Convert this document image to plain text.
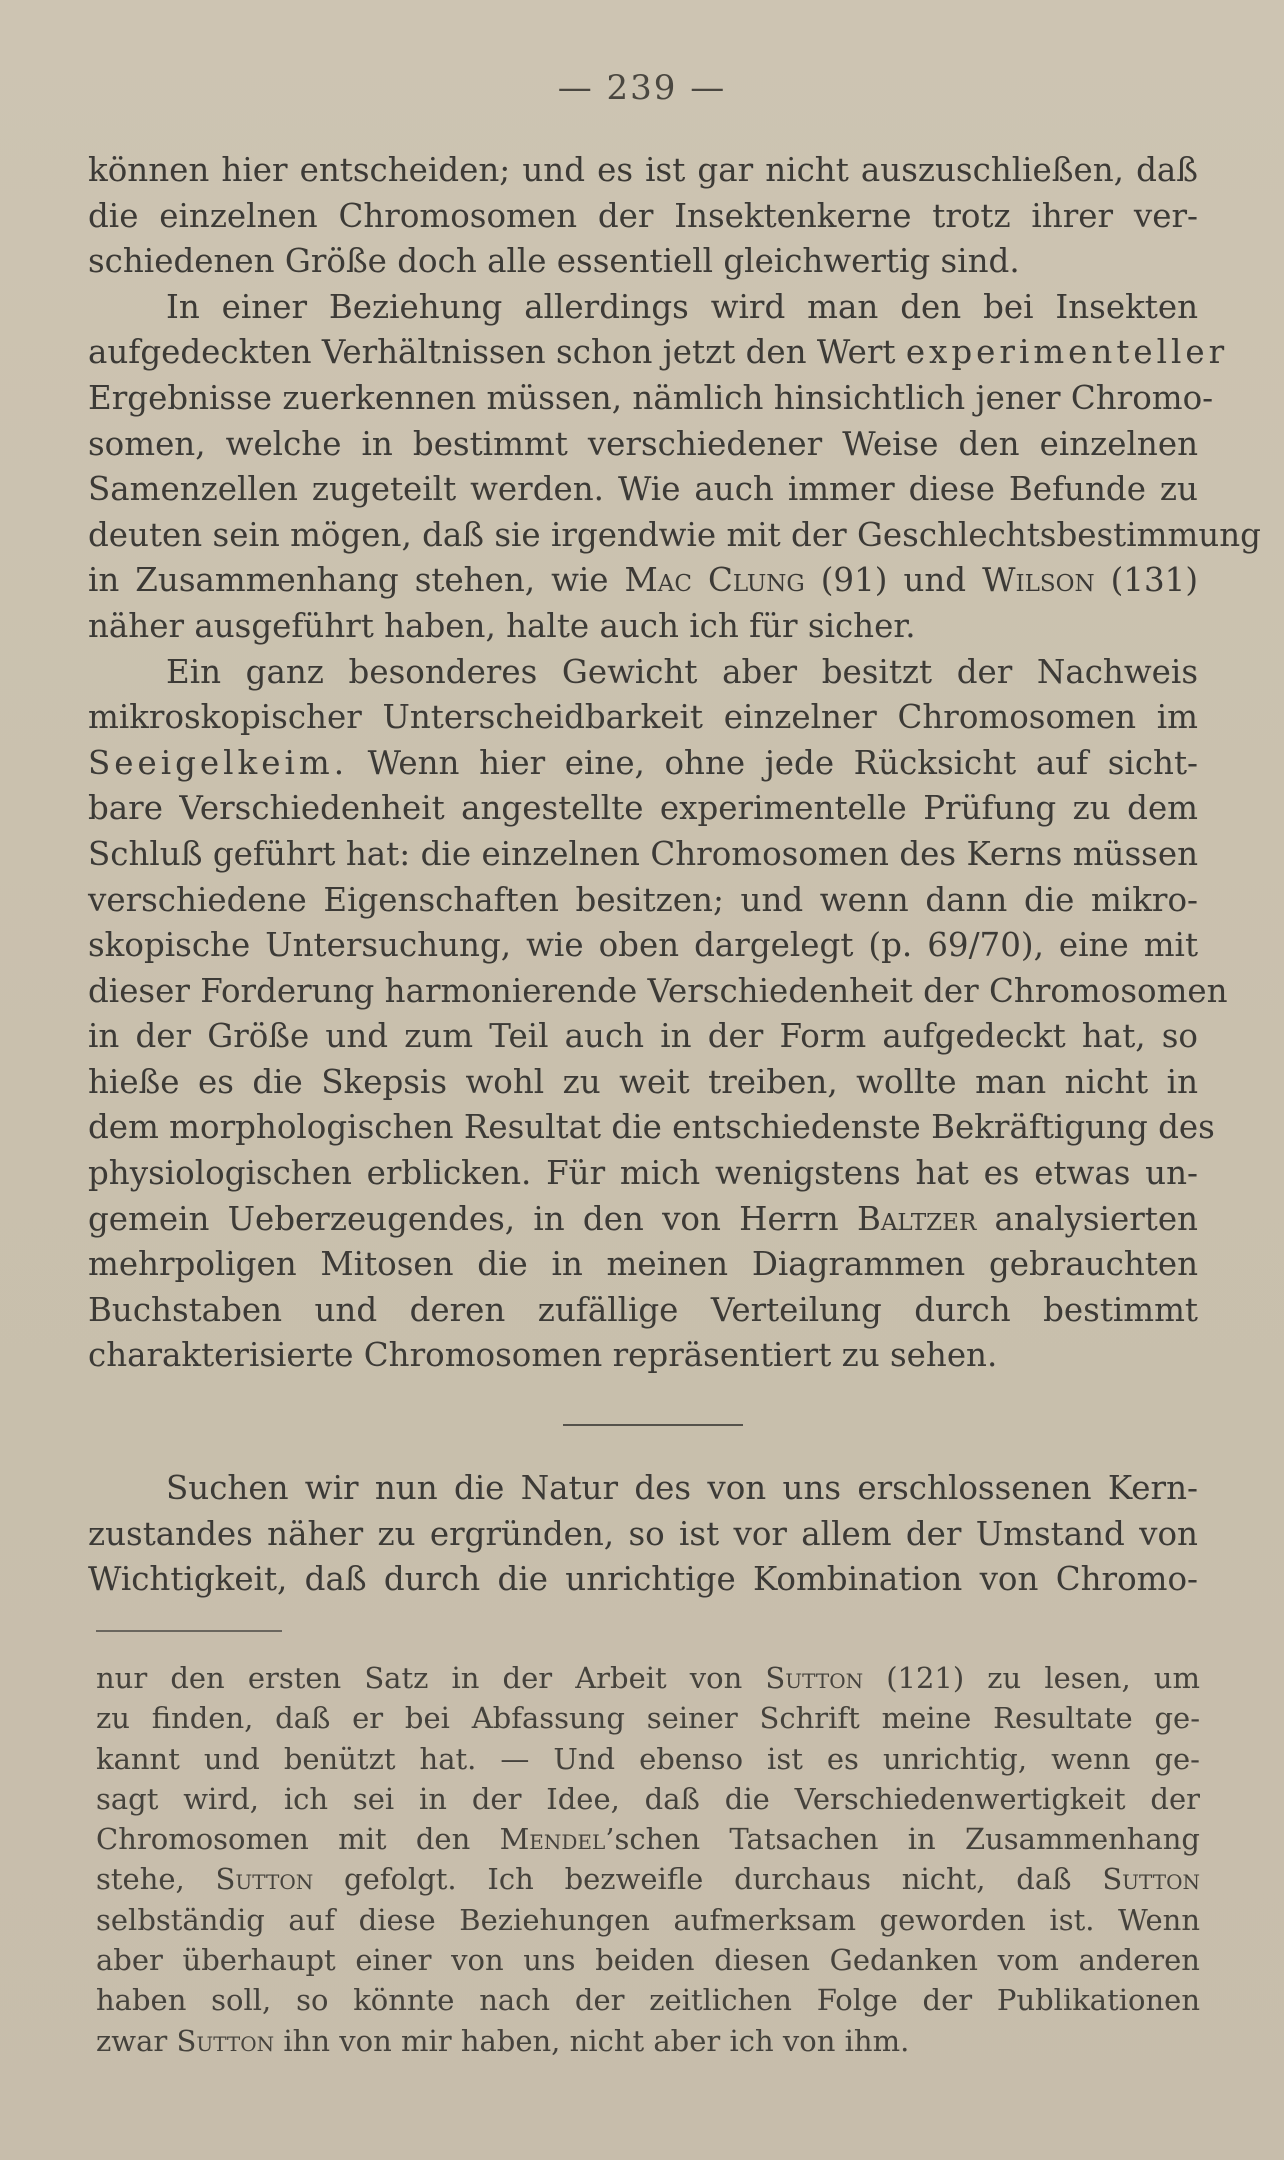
— 239 —
können hier entscheiden; und es ist gar nicht auszuschließen, daß
die einzelnen Chromosomen der Insektenkerne trotz ihrer ver-
schiedenen Größe doch alle essentiell gleichwertig sind.
In einer Beziehung allerdings wird man den bei Insekten
aufgedeckten Verhältnissen schon jetzt den Wert experimenteller
Ergebnisse zuerkennen müssen, nämlich hinsichtlich jener Chromo-
somen, welche in bestimmt verschiedener Weise den einzelnen
Samenzellen zugeteilt werden. Wie auch immer diese Befunde zu
deuten sein mögen, daß sie irgendwie mit der Geschlechtsbestimmung
in Zusammenhang stehen, wie Mac Clung (91) und Wilson (131)
näher ausgeführt haben, halte auch ich für sicher.
Ein ganz besonderes Gewicht aber besitzt der Nachweis
mikroskopischer Unterscheidbarkeit einzelner Chromosomen im
Seeigelkeim. Wenn hier eine, ohne jede Rücksicht auf sicht-
bare Verschiedenheit angestellte experimentelle Prüfung zu dem
Schluß geführt hat: die einzelnen Chromosomen des Kerns müssen
verschiedene Eigenschaften besitzen; und wenn dann die mikro-
skopische Untersuchung, wie oben dargelegt (p. 69/70), eine mit
dieser Forderung harmonierende Verschiedenheit der Chromosomen
in der Größe und zum Teil auch in der Form aufgedeckt hat, so
hieße es die Skepsis wohl zu weit treiben, wollte man nicht in
dem morphologischen Resultat die entschiedenste Bekräftigung des
physiologischen erblicken. Für mich wenigstens hat es etwas un-
gemein Ueberzeugendes, in den von Herrn Baltzer analysierten
mehrpoligen Mitosen die in meinen Diagrammen gebrauchten
Buchstaben und deren zufällige Verteilung durch bestimmt
charakterisierte Chromosomen repräsentiert zu sehen.
Suchen wir nun die Natur des von uns erschlossenen Kern-
zustandes näher zu ergründen, so ist vor allem der Umstand von
Wichtigkeit, daß durch die unrichtige Kombination von Chromo-
nur den ersten Satz in der Arbeit von Sutton (121) zu lesen, um
zu finden, daß er bei Abfassung seiner Schrift meine Resultate ge-
kannt und benützt hat. — Und ebenso ist es unrichtig, wenn ge-
sagt wird, ich sei in der Idee, daß die Verschiedenwertigkeit der
Chromosomen mit den Mendel’schen Tatsachen in Zusammenhang
stehe, Sutton gefolgt. Ich bezweifle durchaus nicht, daß Sutton
selbständig auf diese Beziehungen aufmerksam geworden ist. Wenn
aber überhaupt einer von uns beiden diesen Gedanken vom anderen
haben soll, so könnte nach der zeitlichen Folge der Publikationen
zwar Sutton ihn von mir haben, nicht aber ich von ihm.
